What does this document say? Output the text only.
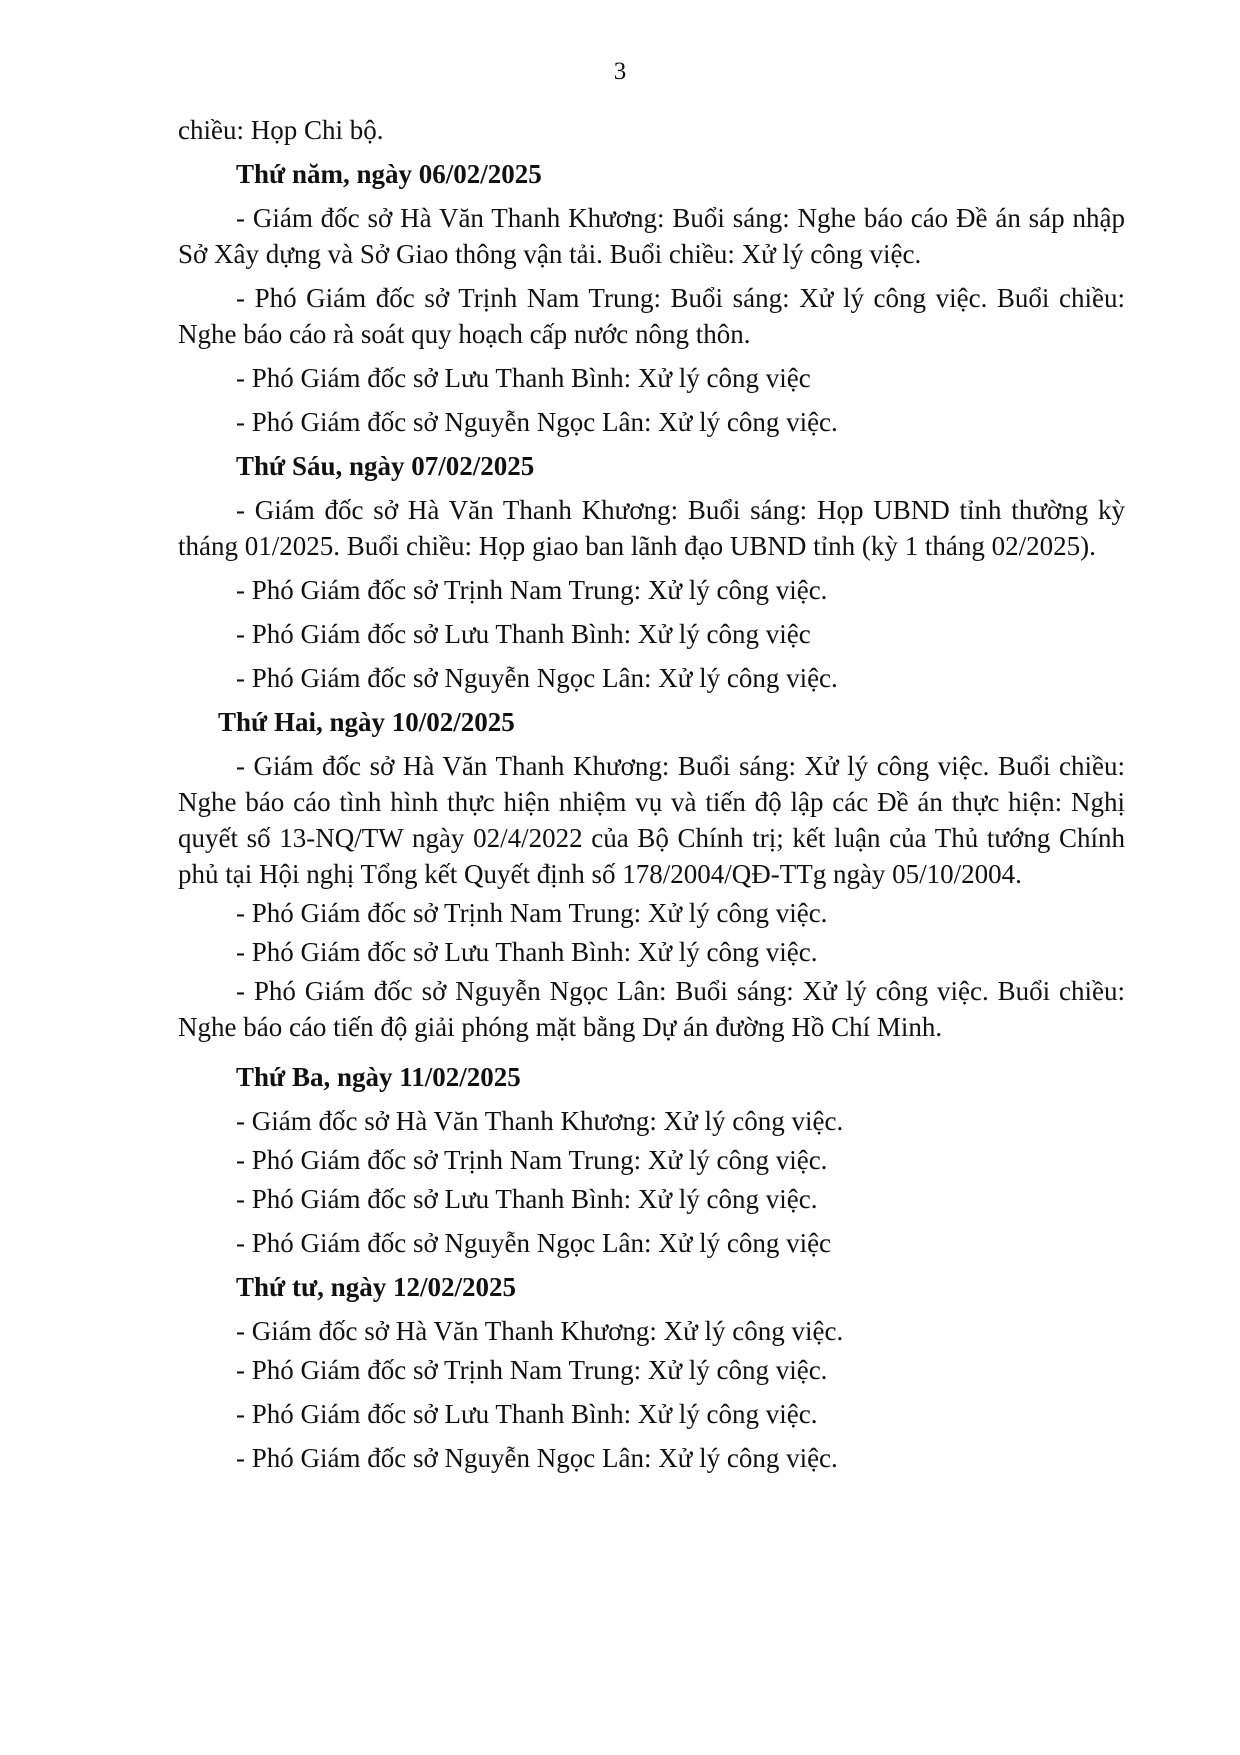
3

chiều: Họp Chi bộ.

Thứ năm, ngày 06/02/2025

- Giám đốc sở Hà Văn Thanh Khương: Buổi sáng: Nghe báo cáo Đề án sáp nhập Sở Xây dựng và Sở Giao thông vận tải. Buổi chiều: Xử lý công việc.

- Phó Giám đốc sở Trịnh Nam Trung: Buổi sáng: Xử lý công việc. Buổi chiều: Nghe báo cáo rà soát quy hoạch cấp nước nông thôn.

- Phó Giám đốc sở Lưu Thanh Bình: Xử lý công việc

- Phó Giám đốc sở Nguyễn Ngọc Lân: Xử lý công việc.

Thứ Sáu, ngày 07/02/2025

- Giám đốc sở Hà Văn Thanh Khương: Buổi sáng: Họp UBND tỉnh thường kỳ tháng 01/2025. Buổi chiều: Họp giao ban lãnh đạo UBND tỉnh (kỳ 1 tháng 02/2025).

- Phó Giám đốc sở Trịnh Nam Trung: Xử lý công việc.

- Phó Giám đốc sở Lưu Thanh Bình: Xử lý công việc

- Phó Giám đốc sở Nguyễn Ngọc Lân: Xử lý công việc.

Thứ Hai, ngày 10/02/2025

- Giám đốc sở Hà Văn Thanh Khương: Buổi sáng: Xử lý công việc. Buổi chiều: Nghe báo cáo tình hình thực hiện nhiệm vụ và tiến độ lập các Đề án thực hiện: Nghị quyết số 13-NQ/TW ngày 02/4/2022 của Bộ Chính trị; kết luận của Thủ tướng Chính phủ tại Hội nghị Tổng kết Quyết định số 178/2004/QĐ-TTg ngày 05/10/2004.

- Phó Giám đốc sở Trịnh Nam Trung: Xử lý công việc.

- Phó Giám đốc sở Lưu Thanh Bình: Xử lý công việc.

- Phó Giám đốc sở Nguyễn Ngọc Lân: Buổi sáng: Xử lý công việc. Buổi chiều: Nghe báo cáo tiến độ giải phóng mặt bằng Dự án đường Hồ Chí Minh.

Thứ Ba, ngày 11/02/2025

- Giám đốc sở Hà Văn Thanh Khương: Xử lý công việc.

- Phó Giám đốc sở Trịnh Nam Trung: Xử lý công việc.

- Phó Giám đốc sở Lưu Thanh Bình: Xử lý công việc.

- Phó Giám đốc sở Nguyễn Ngọc Lân: Xử lý công việc

Thứ tư, ngày 12/02/2025

- Giám đốc sở Hà Văn Thanh Khương: Xử lý công việc.

- Phó Giám đốc sở Trịnh Nam Trung: Xử lý công việc.

- Phó Giám đốc sở Lưu Thanh Bình: Xử lý công việc.

- Phó Giám đốc sở Nguyễn Ngọc Lân: Xử lý công việc.
